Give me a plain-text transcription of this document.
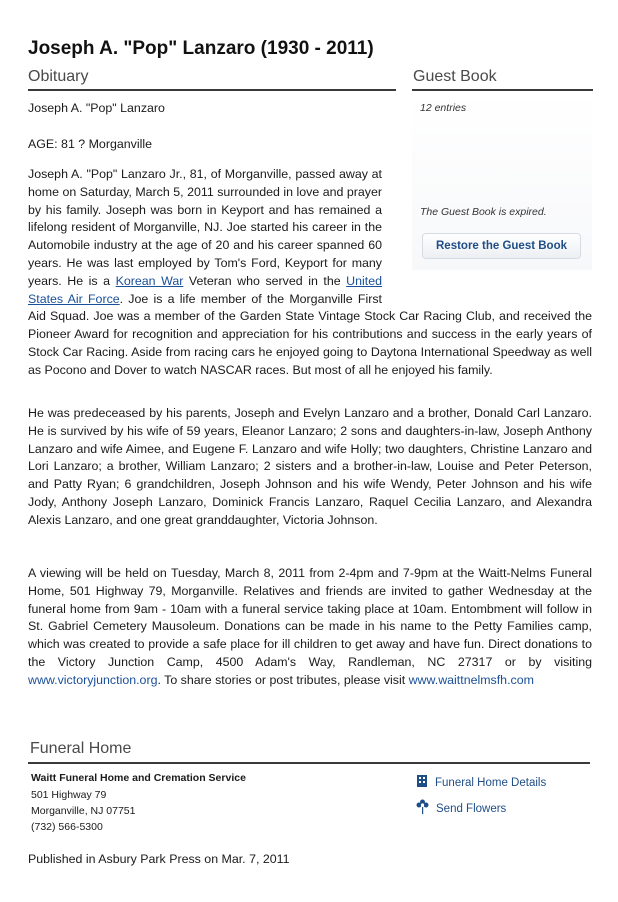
Joseph A. "Pop" Lanzaro (1930 - 2011)
Obituary	Guest Book
12 entries
The Guest Book is expired.
Restore the Guest Book
Joseph A. "Pop" Lanzaro
AGE: 81 ? Morganville
Joseph A. "Pop" Lanzaro Jr., 81, of Morganville, passed away at home on Saturday, March 5, 2011 surrounded in love and prayer by his family. Joseph was born in Keyport and has remained a lifelong resident of Morganville, NJ. Joe started his career in the Automobile industry at the age of 20 and his career spanned 60 years. He was last employed by Tom's Ford, Keyport for many years. He is a Korean War Veteran who served in the United States Air Force. Joe is a life member of the Morganville First Aid Squad. Joe was a member of the Garden State Vintage Stock Car Racing Club, and received the Pioneer Award for recognition and appreciation for his contributions and success in the early years of Stock Car Racing. Aside from racing cars he enjoyed going to Daytona International Speedway as well as Pocono and Dover to watch NASCAR races. But most of all he enjoyed his family.
He was predeceased by his parents, Joseph and Evelyn Lanzaro and a brother, Donald Carl Lanzaro. He is survived by his wife of 59 years, Eleanor Lanzaro; 2 sons and daughters-in-law, Joseph Anthony Lanzaro and wife Aimee, and Eugene F. Lanzaro and wife Holly; two daughters, Christine Lanzaro and Lori Lanzaro; a brother, William Lanzaro; 2 sisters and a brother-in-law, Louise and Peter Peterson, and Patty Ryan; 6 grandchildren, Joseph Johnson and his wife Wendy, Peter Johnson and his wife Jody, Anthony Joseph Lanzaro, Dominick Francis Lanzaro, Raquel Cecilia Lanzaro, and Alexandra Alexis Lanzaro, and one great granddaughter, Victoria Johnson.
A viewing will be held on Tuesday, March 8, 2011 from 2-4pm and 7-9pm at the Waitt-Nelms Funeral Home, 501 Highway 79, Morganville. Relatives and friends are invited to gather Wednesday at the funeral home from 9am - 10am with a funeral service taking place at 10am. Entombment will follow in St. Gabriel Cemetery Mausoleum. Donations can be made in his name to the Petty Families camp, which was created to provide a safe place for ill children to get away and have fun. Direct donations to the Victory Junction Camp, 4500 Adam's Way, Randleman, NC 27317 or by visiting www.victoryjunction.org. To share stories or post tributes, please visit www.waittnelmsfh.com
Funeral Home
Waitt Funeral Home and Cremation Service
501 Highway 79
Morganville, NJ 07751
(732) 566-5300
Funeral Home Details
Send Flowers
Published in Asbury Park Press on Mar. 7, 2011
